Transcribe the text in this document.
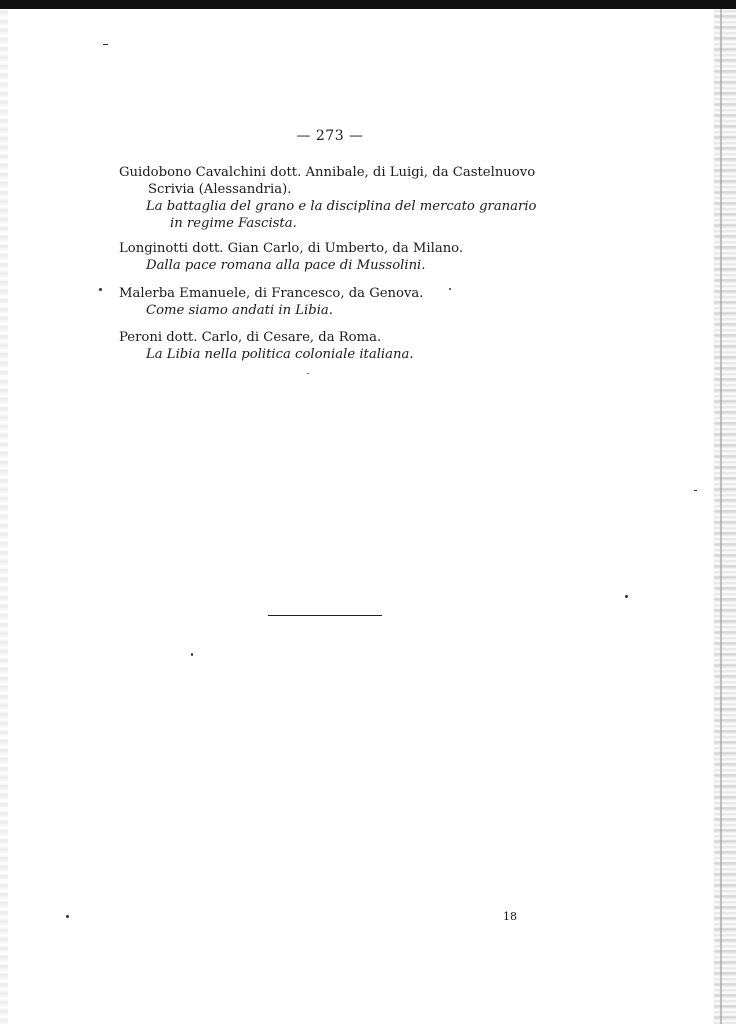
— 273 —
Guidobono Cavalchini dott. Annibale, di Luigi, da Castelnuovo Scrivia (Alessandria).
La battaglia del grano e la disciplina del mercato granario in regime Fascista.
Longinotti dott. Gian Carlo, di Umberto, da Milano.
Dalla pace romana alla pace di Mussolini.
Malerba Emanuele, di Francesco, da Genova.
Come siamo andati in Libia.
Peroni dott. Carlo, di Cesare, da Roma.
La Libia nella politica coloniale italiana.
18
